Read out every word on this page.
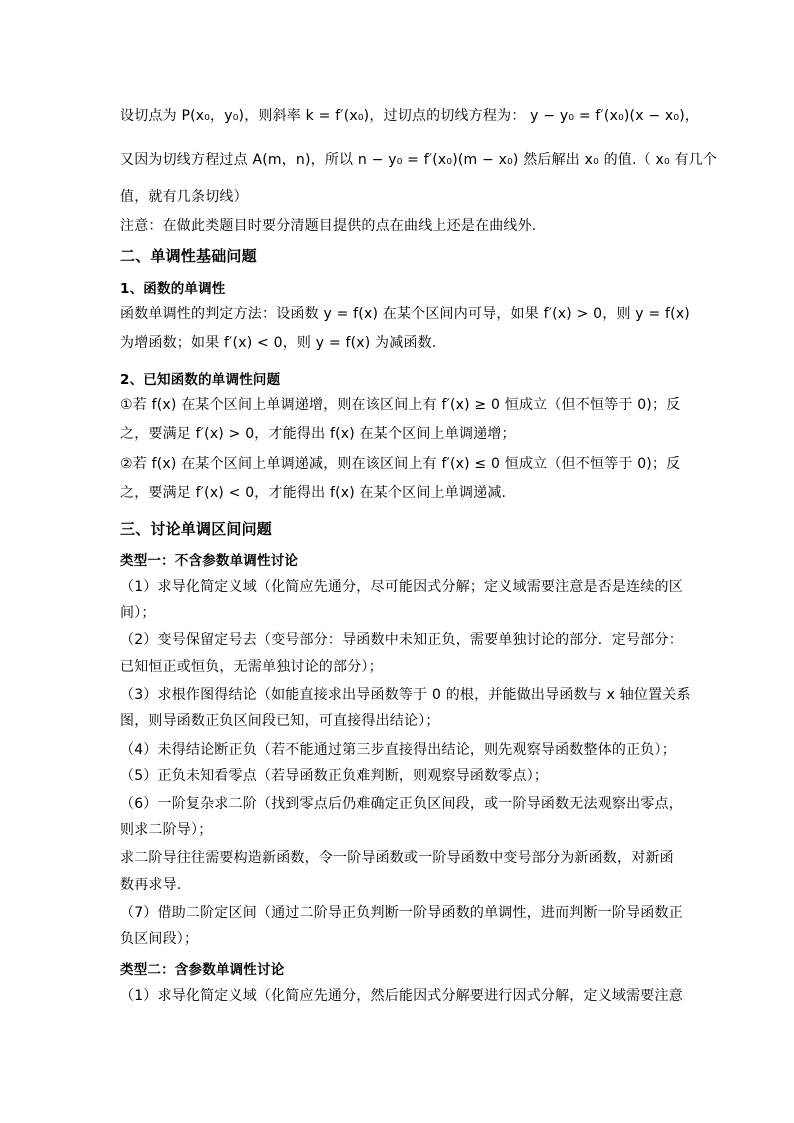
设切点为 P(x₀，y₀)，则斜率 k = f′(x₀)，过切点的切线方程为： y − y₀ = f′(x₀)(x − x₀)，
又因为切线方程过点 A(m，n)，所以 n − y₀ = f′(x₀)(m − x₀) 然后解出 x₀ 的值.（ x₀ 有几个
值，就有几条切线）
注意：在做此类题目时要分清题目提供的点在曲线上还是在曲线外.
二、单调性基础问题
1、函数的单调性
函数单调性的判定方法：设函数 y = f(x) 在某个区间内可导，如果 f′(x) > 0，则 y = f(x)
为增函数；如果 f′(x) < 0，则 y = f(x) 为减函数.
2、已知函数的单调性问题
①若 f(x) 在某个区间上单调递增，则在该区间上有 f′(x) ≥ 0 恒成立（但不恒等于 0)；反
之，要满足 f′(x) > 0，才能得出 f(x) 在某个区间上单调递增；
②若 f(x) 在某个区间上单调递减，则在该区间上有 f′(x) ≤ 0 恒成立（但不恒等于 0)；反
之，要满足 f′(x) < 0，才能得出 f(x) 在某个区间上单调递减.
三、讨论单调区间问题
类型一：不含参数单调性讨论
（1）求导化简定义域（化简应先通分，尽可能因式分解；定义域需要注意是否是连续的区
间）；
（2）变号保留定号去（变号部分：导函数中未知正负，需要单独讨论的部分．定号部分：
已知恒正或恒负，无需单独讨论的部分）；
（3）求根作图得结论（如能直接求出导函数等于 0 的根，并能做出导函数与 x 轴位置关系
图，则导函数正负区间段已知，可直接得出结论）；
（4）未得结论断正负（若不能通过第三步直接得出结论，则先观察导函数整体的正负）；
（5）正负未知看零点（若导函数正负难判断，则观察导函数零点）；
（6）一阶复杂求二阶（找到零点后仍难确定正负区间段，或一阶导函数无法观察出零点，
则求二阶导）；
求二阶导往往需要构造新函数，令一阶导函数或一阶导函数中变号部分为新函数，对新函
数再求导.
（7）借助二阶定区间（通过二阶导正负判断一阶导函数的单调性，进而判断一阶导函数正
负区间段）；
类型二：含参数单调性讨论
（1）求导化简定义域（化简应先通分，然后能因式分解要进行因式分解，定义域需要注意
